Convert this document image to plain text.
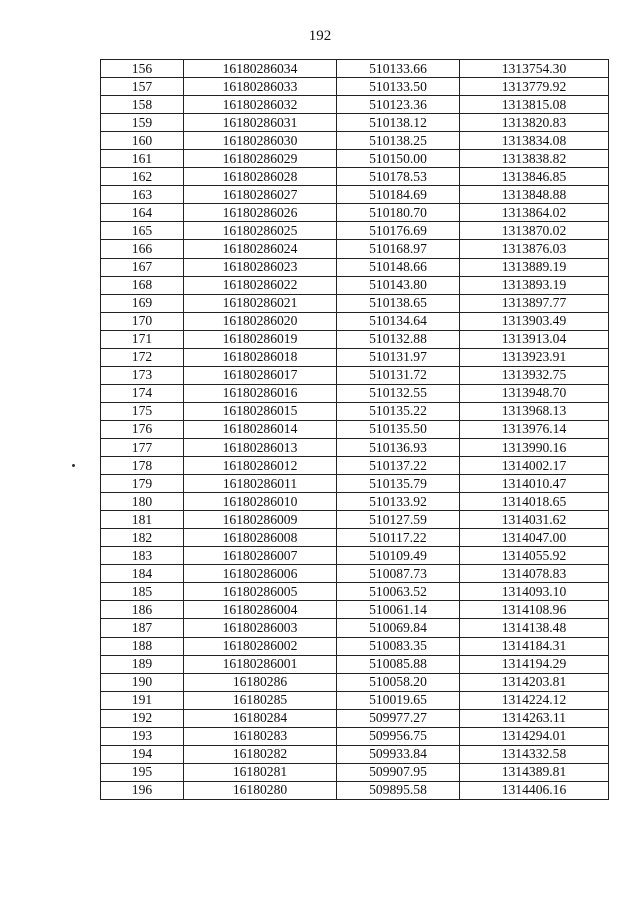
192
156	16180286034	510133.66	1313754.30
157	16180286033	510133.50	1313779.92
158	16180286032	510123.36	1313815.08
159	16180286031	510138.12	1313820.83
160	16180286030	510138.25	1313834.08
161	16180286029	510150.00	1313838.82
162	16180286028	510178.53	1313846.85
163	16180286027	510184.69	1313848.88
164	16180286026	510180.70	1313864.02
165	16180286025	510176.69	1313870.02
166	16180286024	510168.97	1313876.03
167	16180286023	510148.66	1313889.19
168	16180286022	510143.80	1313893.19
169	16180286021	510138.65	1313897.77
170	16180286020	510134.64	1313903.49
171	16180286019	510132.88	1313913.04
172	16180286018	510131.97	1313923.91
173	16180286017	510131.72	1313932.75
174	16180286016	510132.55	1313948.70
175	16180286015	510135.22	1313968.13
176	16180286014	510135.50	1313976.14
177	16180286013	510136.93	1313990.16
178	16180286012	510137.22	1314002.17
179	16180286011	510135.79	1314010.47
180	16180286010	510133.92	1314018.65
181	16180286009	510127.59	1314031.62
182	16180286008	510117.22	1314047.00
183	16180286007	510109.49	1314055.92
184	16180286006	510087.73	1314078.83
185	16180286005	510063.52	1314093.10
186	16180286004	510061.14	1314108.96
187	16180286003	510069.84	1314138.48
188	16180286002	510083.35	1314184.31
189	16180286001	510085.88	1314194.29
190	16180286	510058.20	1314203.81
191	16180285	510019.65	1314224.12
192	16180284	509977.27	1314263.11
193	16180283	509956.75	1314294.01
194	16180282	509933.84	1314332.58
195	16180281	509907.95	1314389.81
196	16180280	509895.58	1314406.16
